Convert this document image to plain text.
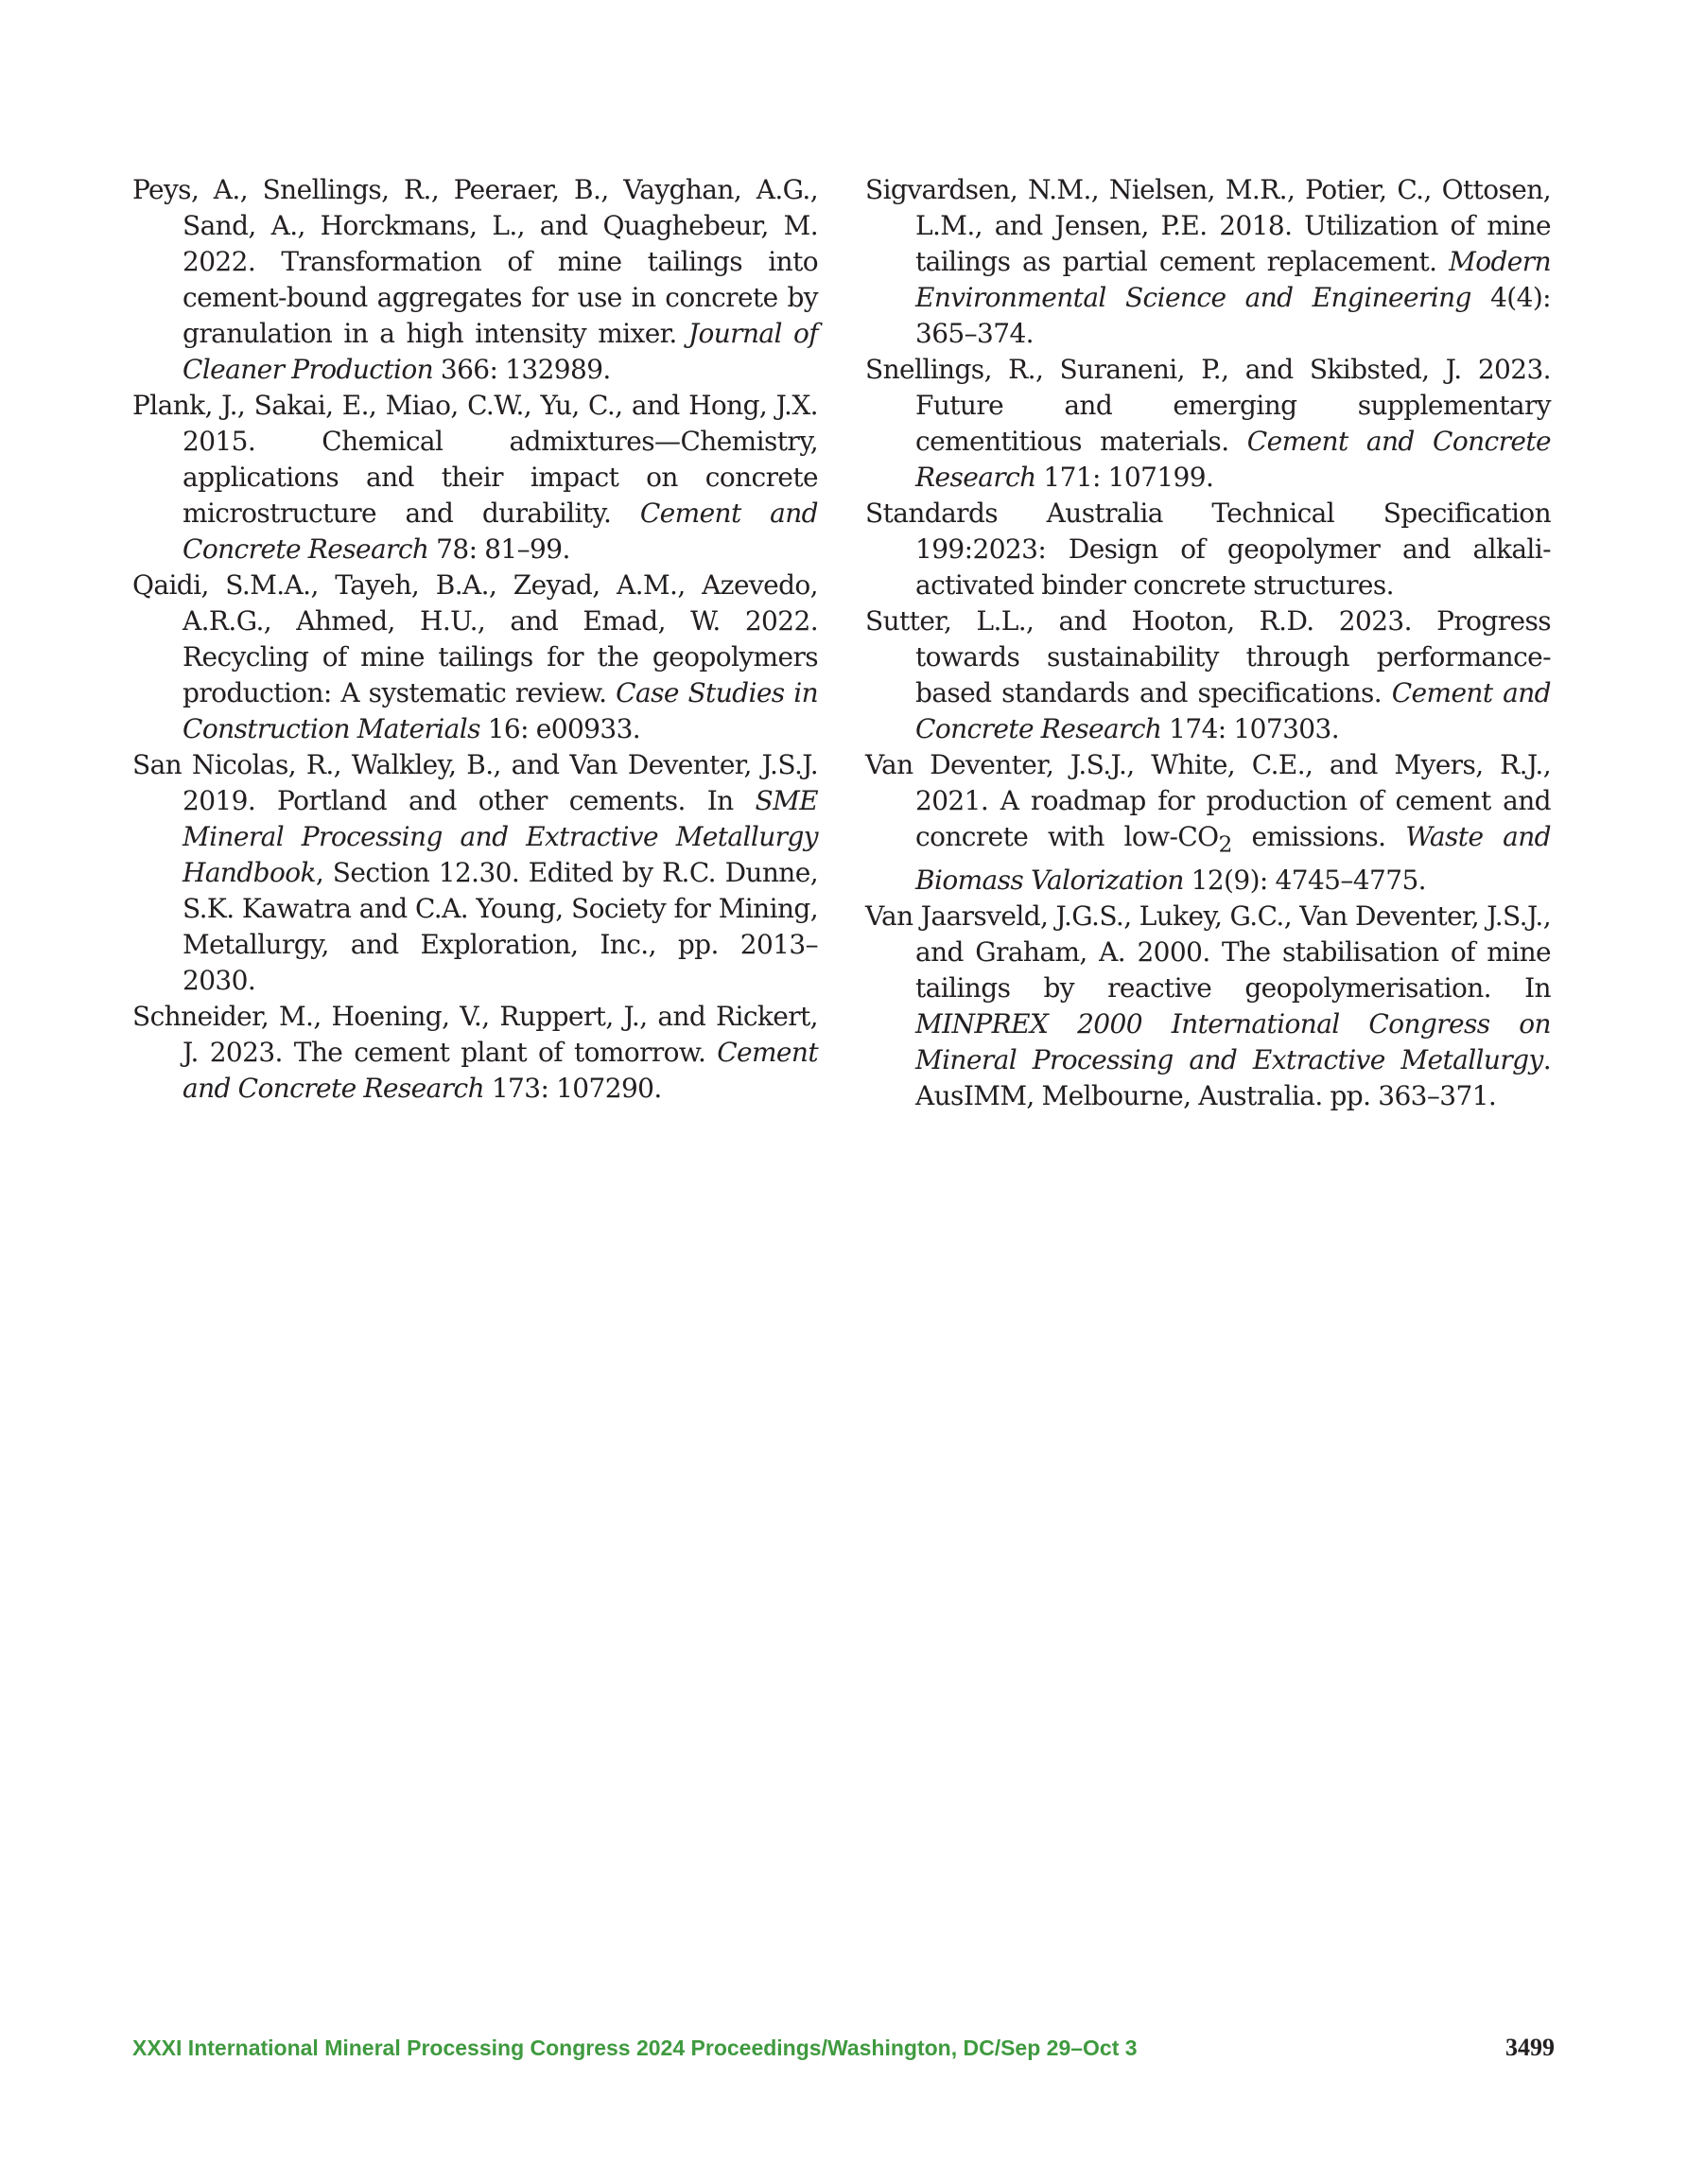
Peys, A., Snellings, R., Peeraer, B., Vayghan, A.G., Sand, A., Horckmans, L., and Quaghebeur, M. 2022. Transformation of mine tailings into cement-bound aggregates for use in concrete by granulation in a high intensity mixer. Journal of Cleaner Production 366: 132989.

Plank, J., Sakai, E., Miao, C.W., Yu, C., and Hong, J.X. 2015. Chemical admixtures—Chemistry, applications and their impact on concrete microstructure and durability. Cement and Concrete Research 78: 81–99.

Qaidi, S.M.A., Tayeh, B.A., Zeyad, A.M., Azevedo, A.R.G., Ahmed, H.U., and Emad, W. 2022. Recycling of mine tailings for the geopolymers production: A systematic review. Case Studies in Construction Materials 16: e00933.

San Nicolas, R., Walkley, B., and Van Deventer, J.S.J. 2019. Portland and other cements. In SME Mineral Processing and Extractive Metallurgy Handbook, Section 12.30. Edited by R.C. Dunne, S.K. Kawatra and C.A. Young, Society for Mining, Metallurgy, and Exploration, Inc., pp. 2013–2030.

Schneider, M., Hoening, V., Ruppert, J., and Rickert, J. 2023. The cement plant of tomorrow. Cement and Concrete Research 173: 107290.

Sigvardsen, N.M., Nielsen, M.R., Potier, C., Ottosen, L.M., and Jensen, P.E. 2018. Utilization of mine tailings as partial cement replacement. Modern Environmental Science and Engineering 4(4): 365–374.

Snellings, R., Suraneni, P., and Skibsted, J. 2023. Future and emerging supplementary cementitious materials. Cement and Concrete Research 171: 107199.

Standards Australia Technical Specification 199:2023: Design of geopolymer and alkali-activated binder concrete structures.

Sutter, L.L., and Hooton, R.D. 2023. Progress towards sustainability through performance-based standards and specifications. Cement and Concrete Research 174: 107303.

Van Deventer, J.S.J., White, C.E., and Myers, R.J., 2021. A roadmap for production of cement and concrete with low-$CO_2$ emissions. Waste and Biomass Valorization 12(9): 4745–4775.

Van Jaarsveld, J.G.S., Lukey, G.C., Van Deventer, J.S.J., and Graham, A. 2000. The stabilisation of mine tailings by reactive geopolymerisation. In MINPREX 2000 International Congress on Mineral Processing and Extractive Metallurgy. AusIMM, Melbourne, Australia. pp. 363–371.

XXXI International Mineral Processing Congress 2024 Proceedings/Washington, DC/Sep 29–Oct 3	3499
